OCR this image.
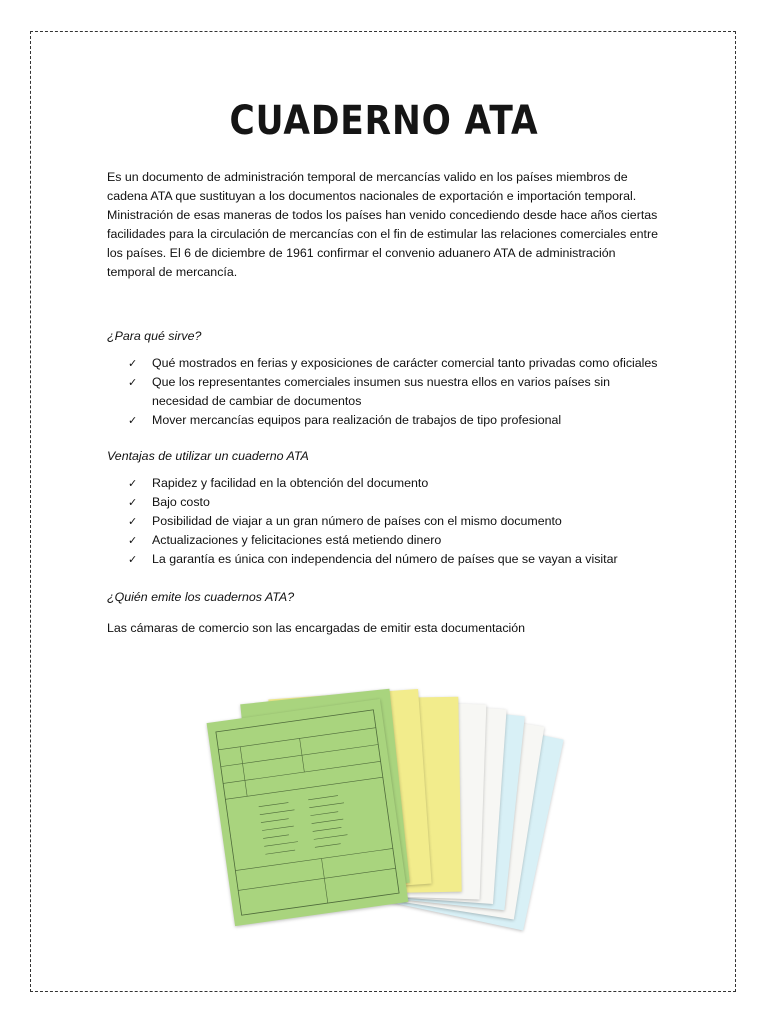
CUADERNO ATA

Es un documento de administración temporal de mercancías valido en los países miembros de cadena ATA que sustituyan a los documentos nacionales de exportación e importación temporal. Ministración de esas maneras de todos los países han venido concediendo desde hace años ciertas facilidades para la circulación de mercancías con el fin de estimular las relaciones comerciales entre los países. El 6 de diciembre de 1961 confirmar el convenio aduanero ATA de administración temporal de mercancía.

¿Para qué sirve?

✓ Qué mostrados en ferias y exposiciones de carácter comercial tanto privadas como oficiales
✓ Que los representantes comerciales insumen sus nuestra ellos en varios países sin necesidad de cambiar de documentos
✓ Mover mercancías equipos para realización de trabajos de tipo profesional

Ventajas de utilizar un cuaderno ATA

✓ Rapidez y facilidad en la obtención del documento
✓ Bajo costo
✓ Posibilidad de viajar a un gran número de países con el mismo documento
✓ Actualizaciones y felicitaciones está metiendo dinero
✓ La garantía es única con independencia del número de países que se vayan a visitar

¿Quién emite los cuadernos ATA?

Las cámaras de comercio son las encargadas de emitir esta documentación
